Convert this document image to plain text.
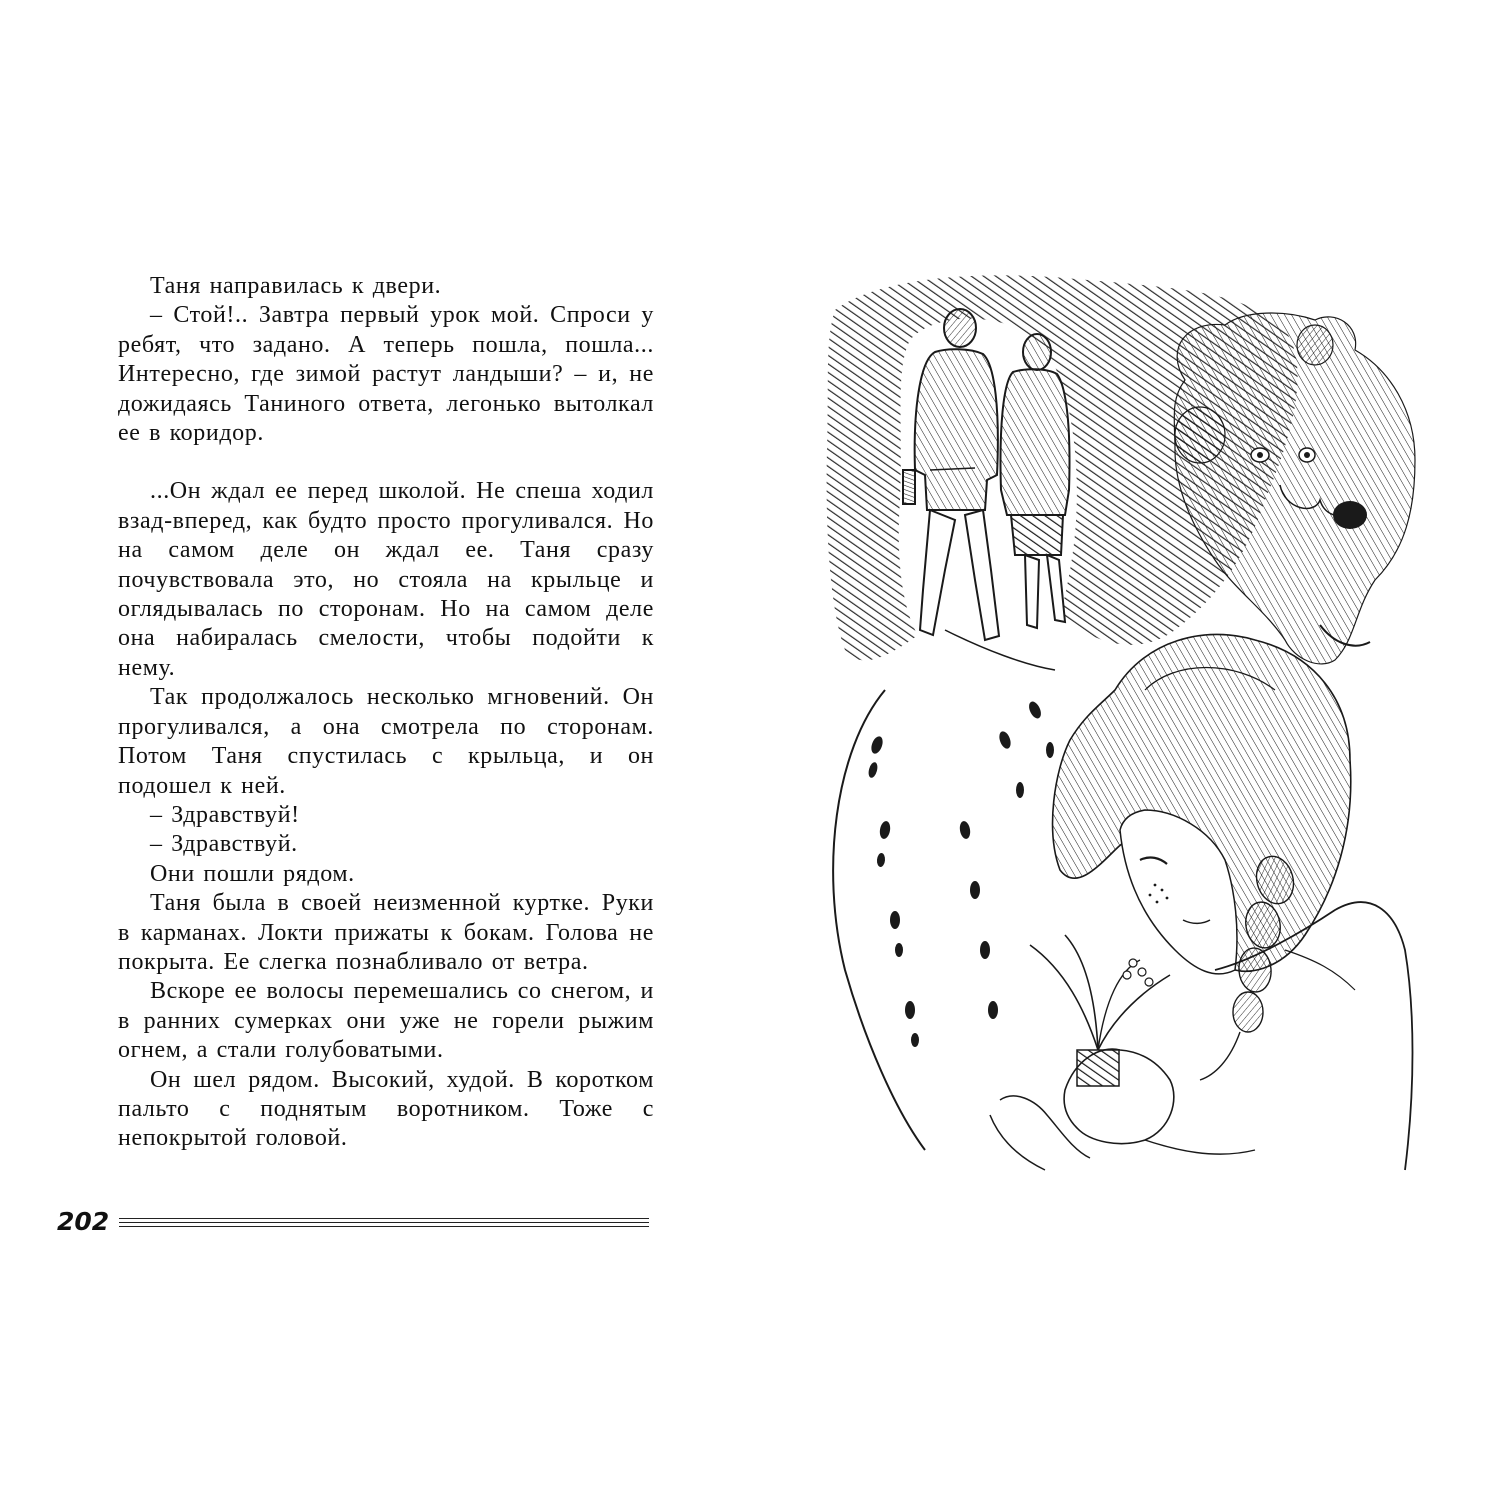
Таня направилась к двери.

– Стой!.. Завтра первый урок мой. Спроси у ребят, что задано. А теперь пошла, пошла... Интересно, где зимой растут ландыши? – и, не дожидаясь Таниного ответа, легонько вытолкал ее в коридор.

...Он ждал ее перед школой. Не спеша ходил взад-вперед, как будто просто прогуливался. Но на самом деле он ждал ее. Таня сразу почувствовала это, но стояла на крыльце и оглядывалась по сторонам. Но на самом деле она набиралась смелости, чтобы подойти к нему.

Так продолжалось несколько мгновений. Он прогуливался, а она смотрела по сторонам. Потом Таня спустилась с крыльца, и он подошел к ней.

– Здравствуй!

– Здравствуй.

Они пошли рядом.

Таня была в своей неизменной куртке. Руки в карманах. Локти прижаты к бокам. Голова не покрыта. Ее слегка познабливало от ветра.

Вскоре ее волосы перемешались со снегом, и в ранних сумерках они уже не горели рыжим огнем, а стали голубоватыми.

Он шел рядом. Высокий, худой. В коротком пальто с поднятым воротником. Тоже с непокрытой головой.

202
